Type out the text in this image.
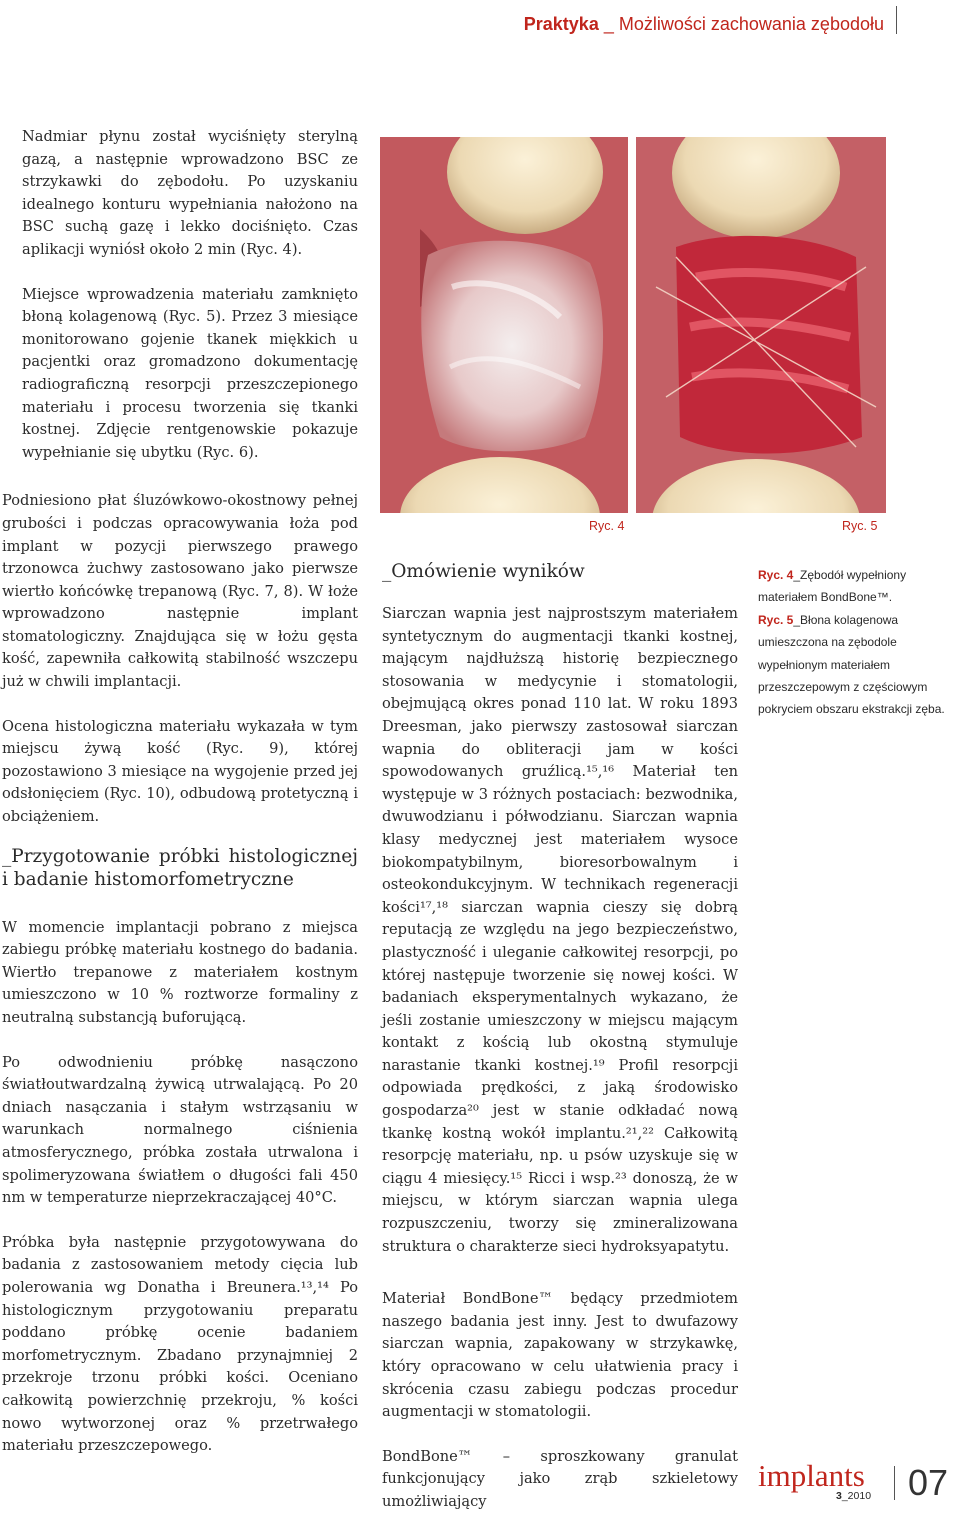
Praktyka _ Możliwości zachowania zębodołu

Nadmiar płynu został wyciśnięty sterylną gazą, a następnie wprowadzono BSC ze strzykawki do zębodołu. Po uzyskaniu idealnego konturu wypełniania nałożono na BSC suchą gazę i lekko dociśnięto. Czas aplikacji wyniósł około 2 min (Ryc. 4).

Miejsce wprowadzenia materiału zamknięto błoną kolagenową (Ryc. 5). Przez 3 miesiące monitorowano gojenie tkanek miękkich u pacjentki oraz gromadzono dokumentację radiograficzną resorpcji przeszczepionego materiału i procesu tworzenia się tkanki kostnej. Zdjęcie rentgenowskie pokazuje wypełnianie się ubytku (Ryc. 6).

Podniesiono płat śluzówkowo-okostnowy pełnej grubości i podczas opracowywania łoża pod implant w pozycji pierwszego prawego trzonowca żuchwy zastosowano jako pierwsze wiertło końcówkę trepanową (Ryc. 7, 8). W łoże wprowadzono następnie implant stomatologiczny. Znajdująca się w łożu gęsta kość, zapewniła całkowitą stabilność wszczepu już w chwili implantacji.

Ocena histologiczna materiału wykazała w tym miejscu żywą kość (Ryc. 9), której pozostawiono 3 miesiące na wygojenie przed jej odsłonięciem (Ryc. 10), odbudową protetyczną i obciążeniem.

_Przygotowanie próbki histologicznej i badanie histomorfometryczne

W momencie implantacji pobrano z miejsca zabiegu próbkę materiału kostnego do badania. Wiertło trepanowe z materiałem kostnym umieszczono w 10 % roztworze formaliny z neutralną substancją buforującą.

Po odwodnieniu próbkę nasączono światłoutwardzalną żywicą utrwalającą. Po 20 dniach nasączania i stałym wstrząsaniu w warunkach normalnego ciśnienia atmosferycznego, próbka została utrwalona i spolimeryzowana światłem o długości fali 450 nm w temperaturze nieprzekraczającej 40°C.

Próbka była następnie przygotowywana do badania z zastosowaniem metody cięcia lub polerowania wg Donatha i Breunera.¹³,¹⁴ Po histologicznym przygotowaniu preparatu poddano próbkę ocenie badaniem morfometrycznym. Zbadano przynajmniej 2 przekroje trzonu próbki kości. Oceniano całkowitą powierzchnię przekroju, % kości nowo wytworzonej oraz % przetrwałego materiału przeszczepowego.

Ryc. 4	Ryc. 5
Ryc. 4_Zębodół wypełniony materiałem BondBone™.
Ryc. 5_Błona kolagenowa umieszczona na zębodole wypełnionym materiałem przeszczepowym z częściowym pokryciem obszaru ekstrakcji zęba.
_Omówienie wyników

Siarczan wapnia jest najprostszym materiałem syntetycznym do augmentacji tkanki kostnej, mającym najdłuższą historię bezpiecznego stosowania w medycynie i stomatologii, obejmującą okres ponad 110 lat. W roku 1893 Dreesman, jako pierwszy zastosował siarczan wapnia do obliteracji jam w kości spowodowanych gruźlicą.¹⁵,¹⁶ Materiał ten występuje w 3 różnych postaciach: bezwodnika, dwuwodzianu i półwodzianu. Siarczan wapnia klasy medycznej jest materiałem wysoce biokompatybilnym, bioresorbowalnym i osteokondukcyjnym. W technikach regeneracji kości¹⁷,¹⁸ siarczan wapnia cieszy się dobrą reputacją ze względu na jego bezpieczeństwo, plastyczność i uleganie całkowitej resorpcji, po której następuje tworzenie się nowej kości. W badaniach eksperymentalnych wykazano, że jeśli zostanie umieszczony w miejscu mającym kontakt z kością lub okostną stymuluje narastanie tkanki kostnej.¹⁹ Profil resorpcji odpowiada prędkości, z jaką środowisko gospodarza²⁰ jest w stanie odkładać nową tkankę kostną wokół implantu.²¹,²² Całkowitą resorpcję materiału, np. u psów uzyskuje się w ciągu 4 miesięcy.¹⁵ Ricci i wsp.²³ donoszą, że w miejscu, w którym siarczan wapnia ulega rozpuszczeniu, tworzy się zmineralizowana struktura o charakterze sieci hydroksyapatytu.

Materiał BondBone™ będący przedmiotem naszego badania jest inny. Jest to dwufazowy siarczan wapnia, zapakowany w strzykawkę, który opracowano w celu ułatwienia pracy i skrócenia czasu zabiegu podczas procedur augmentacji w stomatologii.

BondBone™ – sproszkowany granulat funkcjonujący jako zrąb szkieletowy umożliwiający

implants
3_2010 07
